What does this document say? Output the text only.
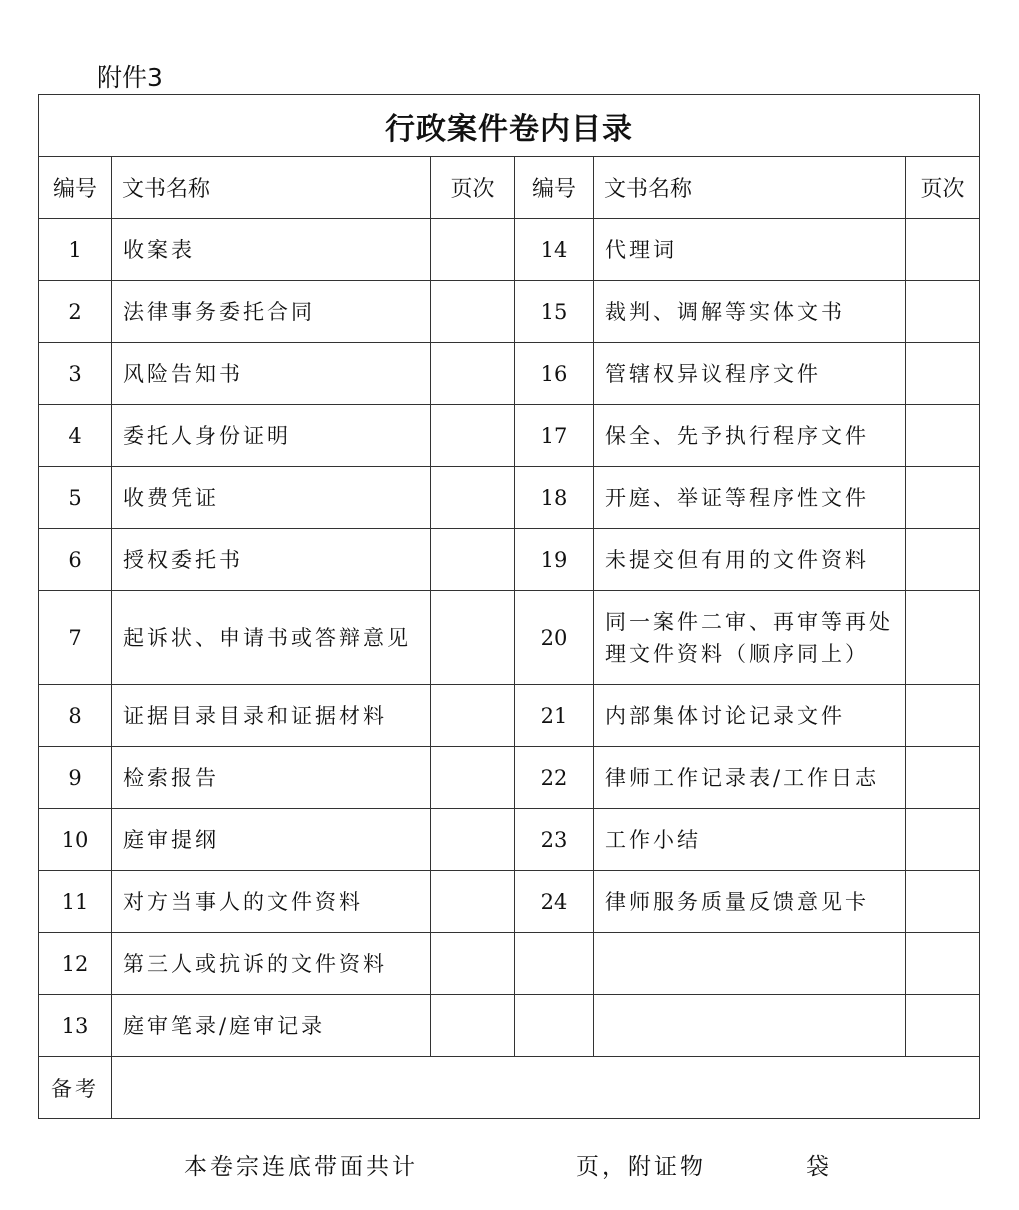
附件3
行政案件卷内目录					
编号	文书名称	页次	编号	文书名称	页次
1	收案表		14	代理词	
2	法律事务委托合同		15	裁判、调解等实体文书	
3	风险告知书		16	管辖权异议程序文件	
4	委托人身份证明		17	保全、先予执行程序文件	
5	收费凭证		18	开庭、举证等程序性文件	
6	授权委托书		19	未提交但有用的文件资料	
7	起诉状、申请书或答辩意见		20	同一案件二审、再审等再处理文件资料（顺序同上）	
8	证据目录目录和证据材料		21	内部集体讨论记录文件	
9	检索报告		22	律师工作记录表/工作日志	
10	庭审提纲		23	工作小结	
11	对方当事人的文件资料		24	律师服务质量反馈意见卡	
12	第三人或抗诉的文件资料				
13	庭审笔录/庭审记录				
备考					
本卷宗连底带面共计	页，附证物	袋
